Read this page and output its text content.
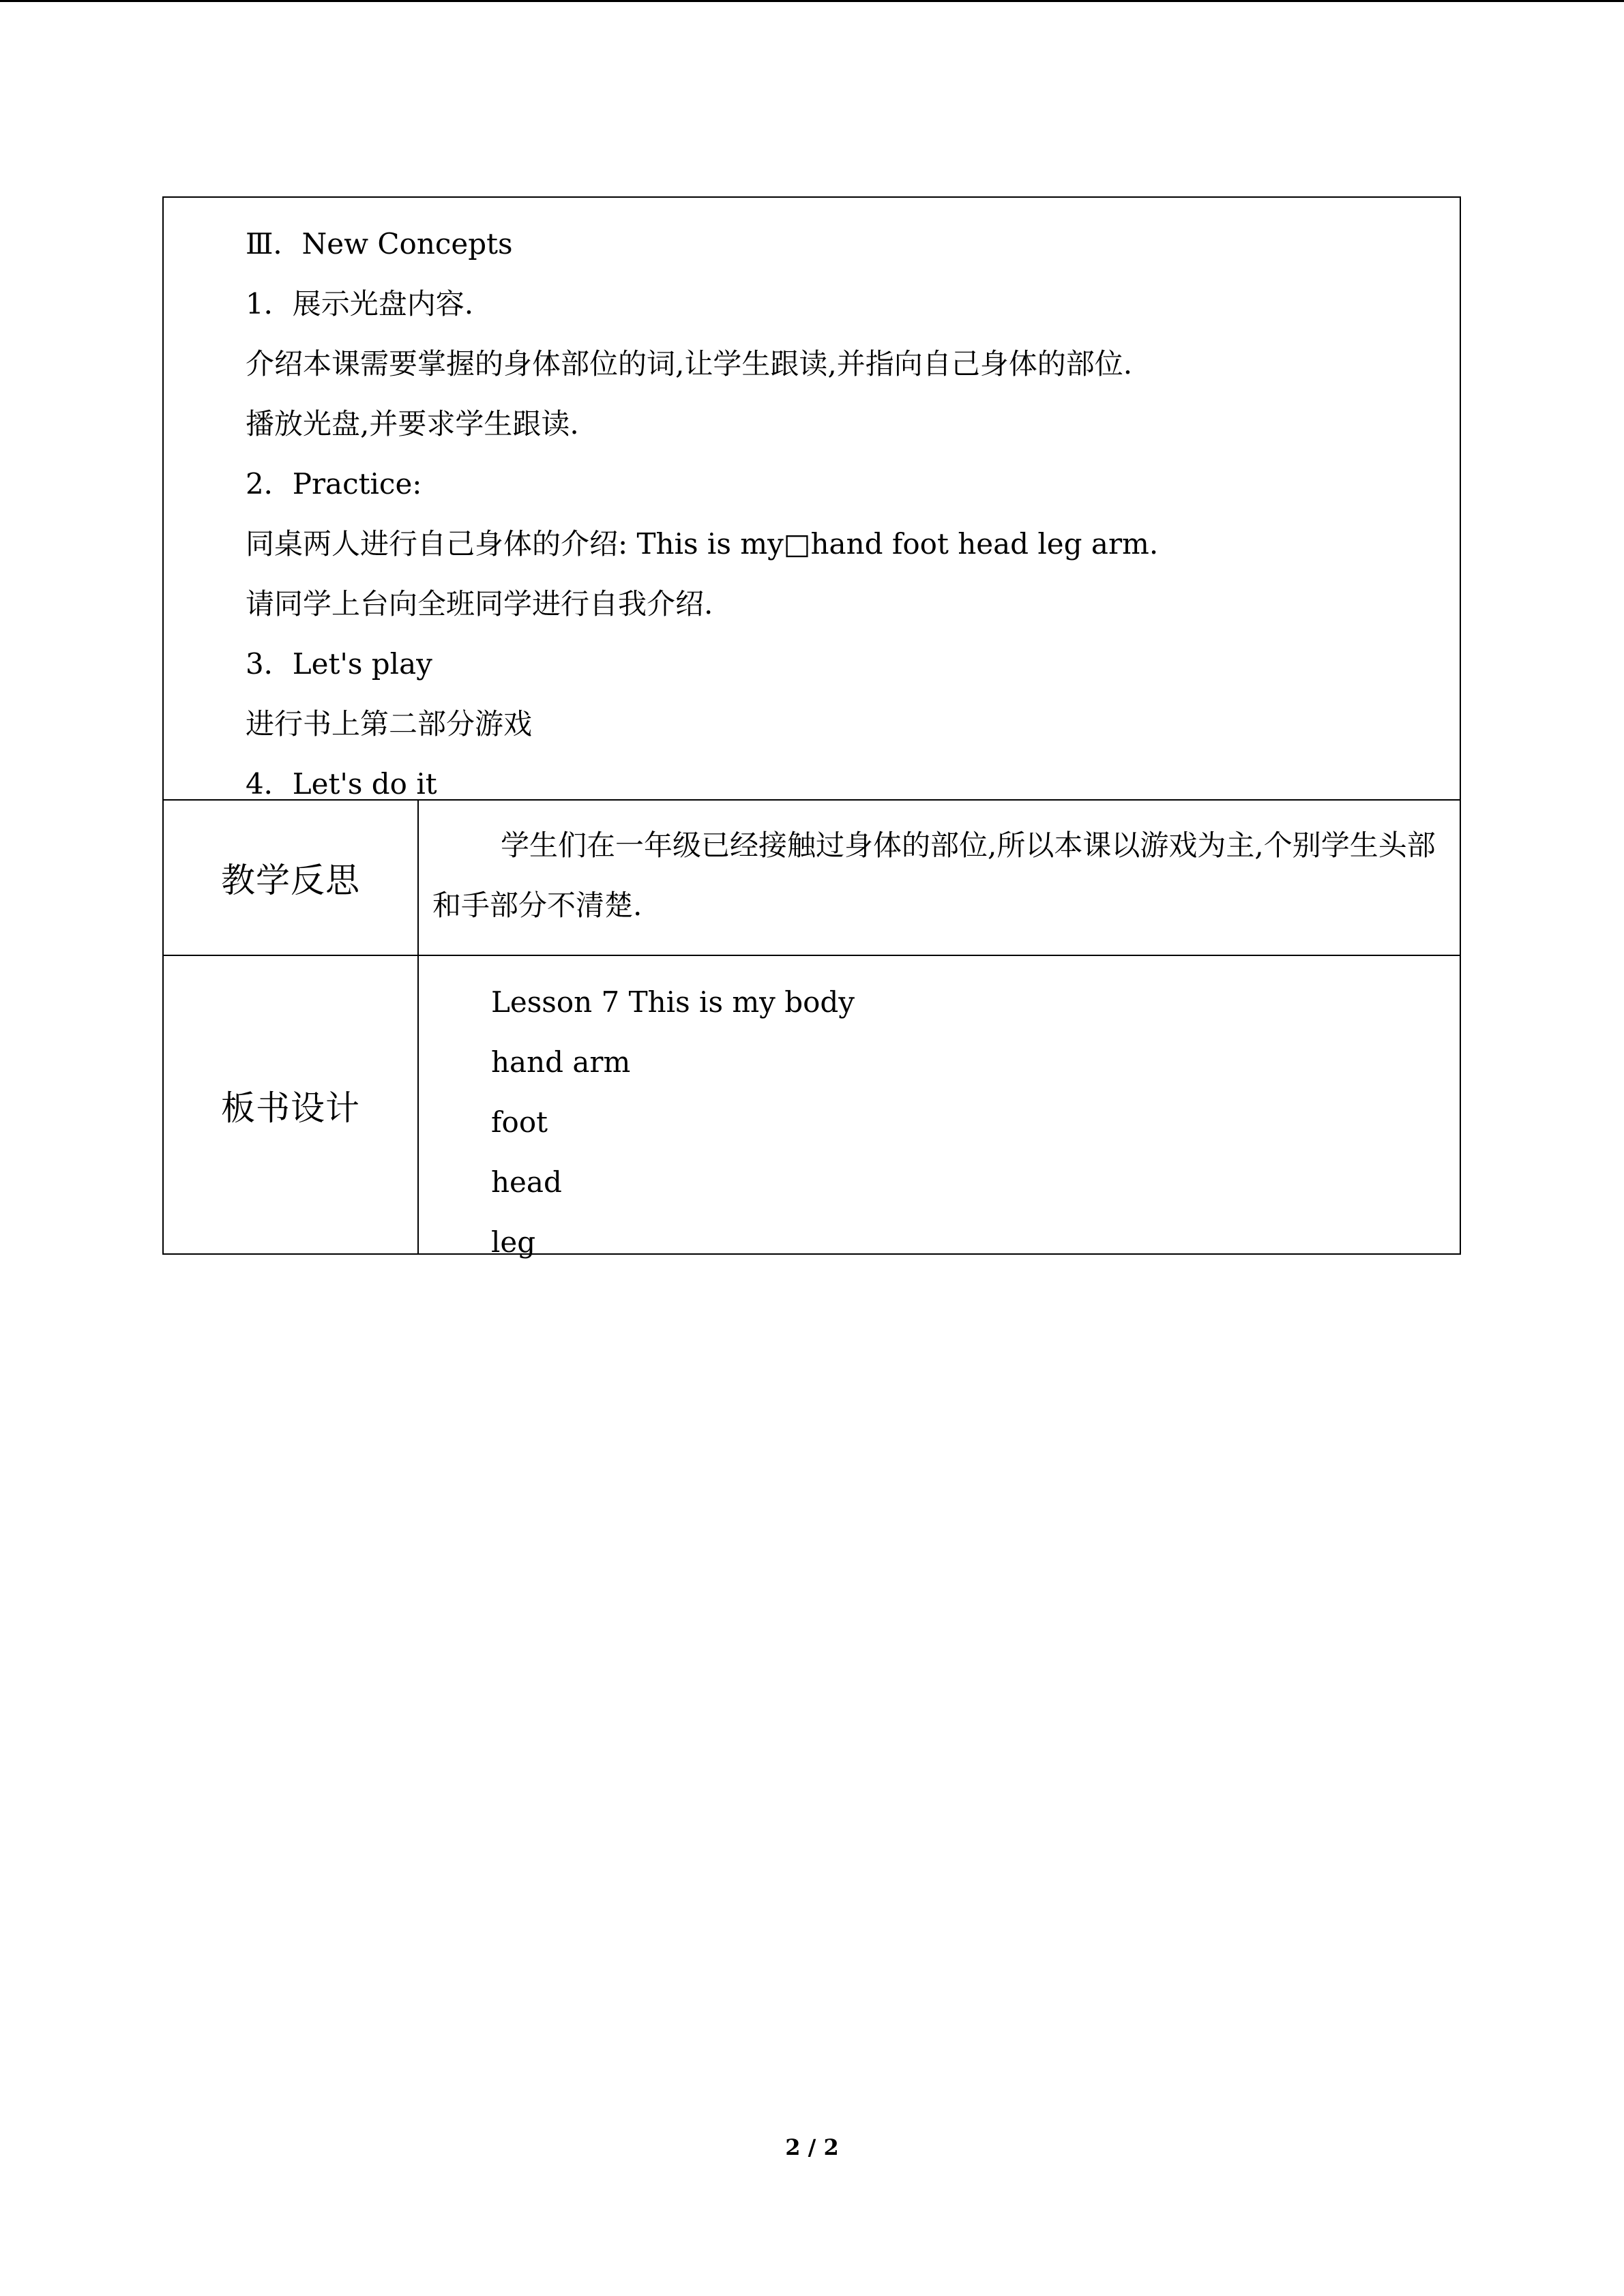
Ⅲ．New Concepts
1．展示光盘内容.
介绍本课需要掌握的身体部位的词,让学生跟读,并指向自己身体的部位.
播放光盘,并要求学生跟读.
2．Practice:
同桌两人进行自己身体的介绍: This is my□hand foot head leg arm.
请同学上台向全班同学进行自我介绍.
3．Let's play
进行书上第二部分游戏
4．Let's do it
教学反思
学生们在一年级已经接触过身体的部位,所以本课以游戏为主,个别学生头部和手部分不清楚.
板书设计
Lesson 7 This is my body
hand arm
foot
head
leg
2 / 2
